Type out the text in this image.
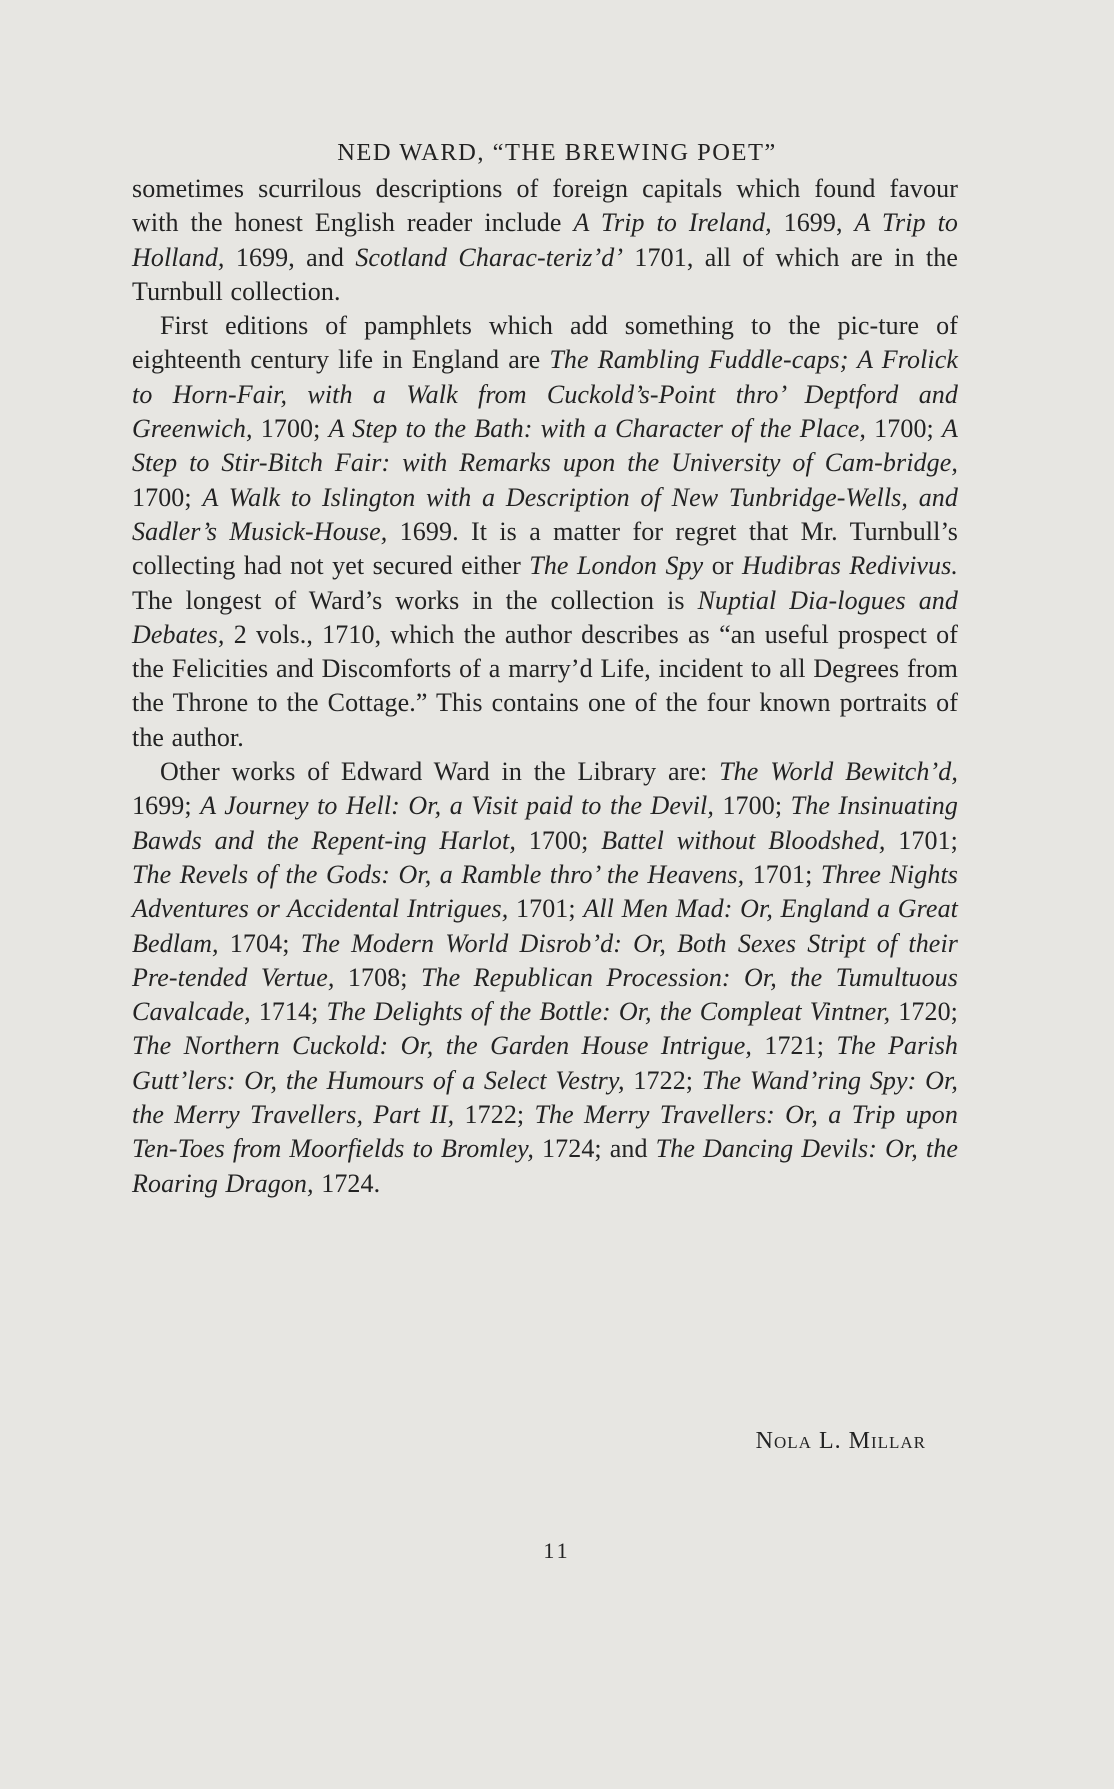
NED WARD, “THE BREWING POET”

sometimes scurrilous descriptions of foreign capitals which found favour with the honest English reader include A Trip to Ireland, 1699, A Trip to Holland, 1699, and Scotland Charac-teriz’d’ 1701, all of which are in the Turnbull collection.

First editions of pamphlets which add something to the pic-ture of eighteenth century life in England are The Rambling Fuddle-caps; A Frolick to Horn-Fair, with a Walk from Cuckold’s-Point thro’ Deptford and Greenwich, 1700; A Step to the Bath: with a Character of the Place, 1700; A Step to Stir-Bitch Fair: with Remarks upon the University of Cam-bridge, 1700; A Walk to Islington with a Description of New Tunbridge-Wells, and Sadler’s Musick-House, 1699. It is a matter for regret that Mr. Turnbull’s collecting had not yet secured either The London Spy or Hudibras Redivivus. The longest of Ward’s works in the collection is Nuptial Dia-logues and Debates, 2 vols., 1710, which the author describes as “an useful prospect of the Felicities and Discomforts of a marry’d Life, incident to all Degrees from the Throne to the Cottage.” This contains one of the four known portraits of the author.

Other works of Edward Ward in the Library are: The World Bewitch’d, 1699; A Journey to Hell: Or, a Visit paid to the Devil, 1700; The Insinuating Bawds and the Repent-ing Harlot, 1700; Battel without Bloodshed, 1701; The Revels of the Gods: Or, a Ramble thro’ the Heavens, 1701; Three Nights Adventures or Accidental Intrigues, 1701; All Men Mad: Or, England a Great Bedlam, 1704; The Modern World Disrob’d: Or, Both Sexes Stript of their Pre-tended Vertue, 1708; The Republican Procession: Or, the Tumultuous Cavalcade, 1714; The Delights of the Bottle: Or, the Compleat Vintner, 1720; The Northern Cuckold: Or, the Garden House Intrigue, 1721; The Parish Gutt’lers: Or, the Humours of a Select Vestry, 1722; The Wand’ring Spy: Or, the Merry Travellers, Part II, 1722; The Merry Travellers: Or, a Trip upon Ten-Toes from Moorfields to Bromley, 1724; and The Dancing Devils: Or, the Roaring Dragon, 1724.

Nola L. Millar
11
